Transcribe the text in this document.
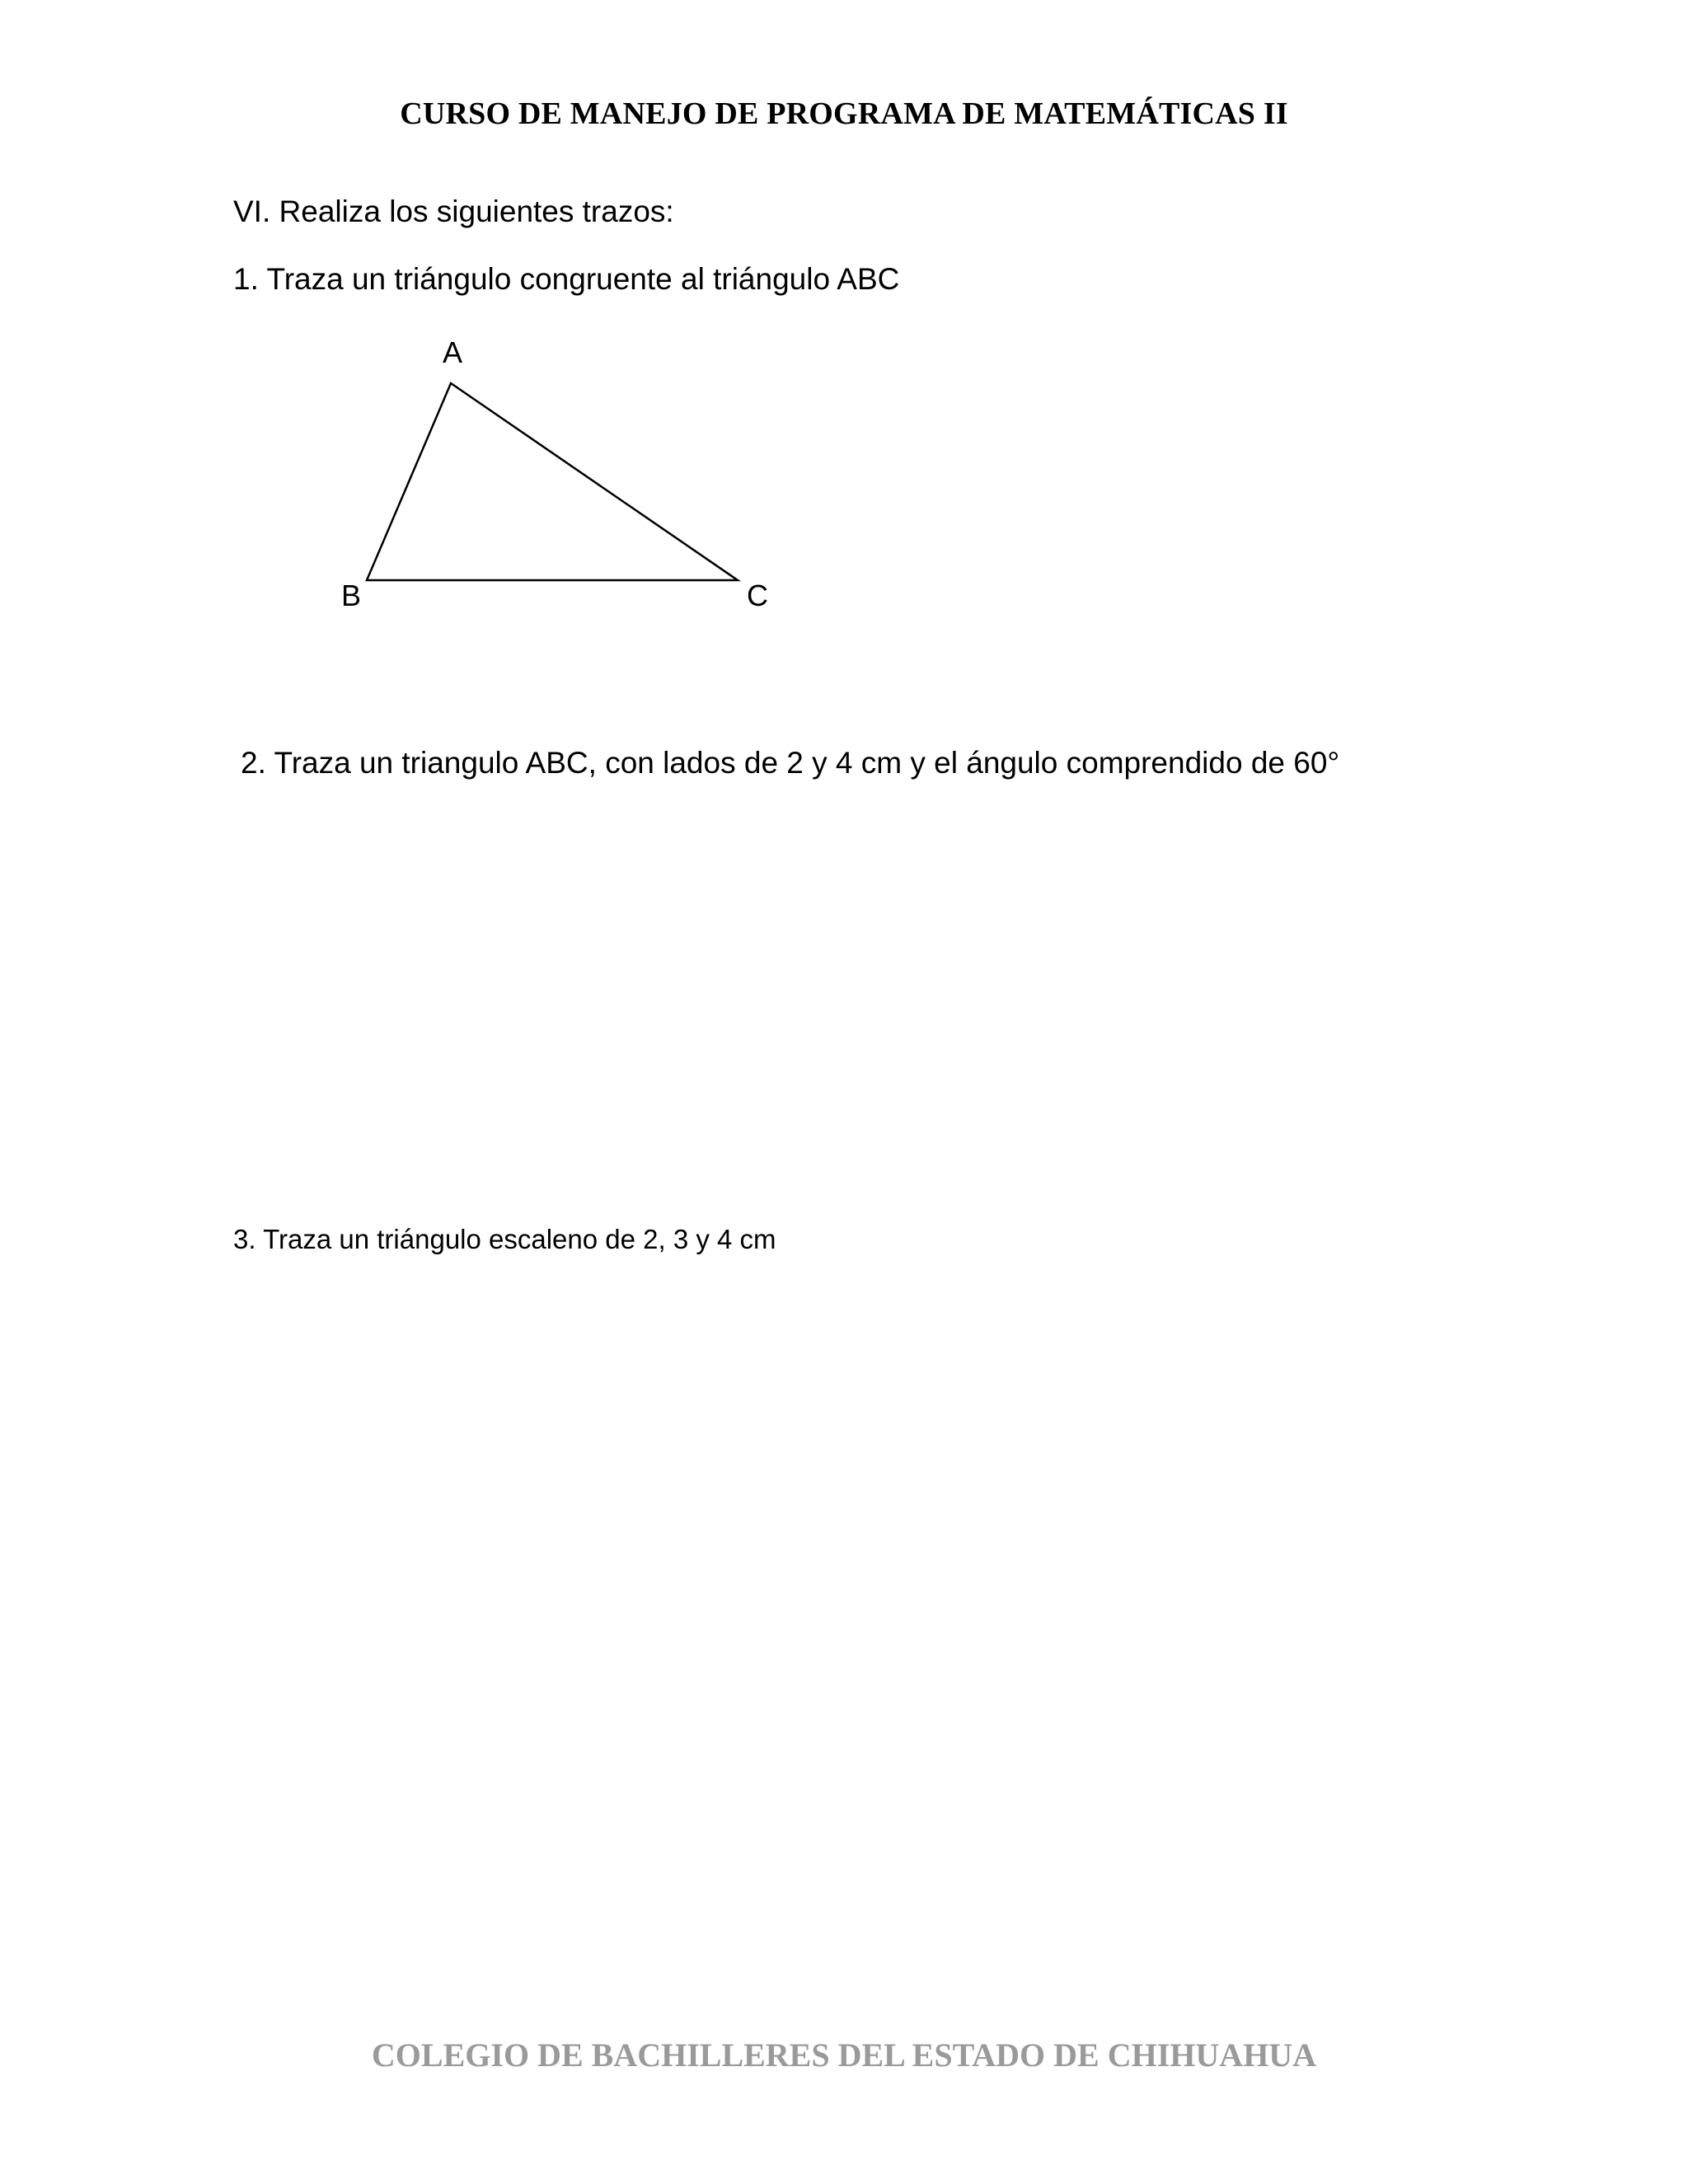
CURSO DE MANEJO DE PROGRAMA DE MATEMÁTICAS II
VI. Realiza los siguientes trazos:
1. Traza un triángulo congruente al triángulo ABC
A
B	C
2. Traza un triangulo ABC, con lados de 2 y 4 cm y el ángulo comprendido de 60°
3. Traza un triángulo escaleno de 2, 3 y 4 cm
COLEGIO DE BACHILLERES DEL ESTADO DE CHIHUAHUA
